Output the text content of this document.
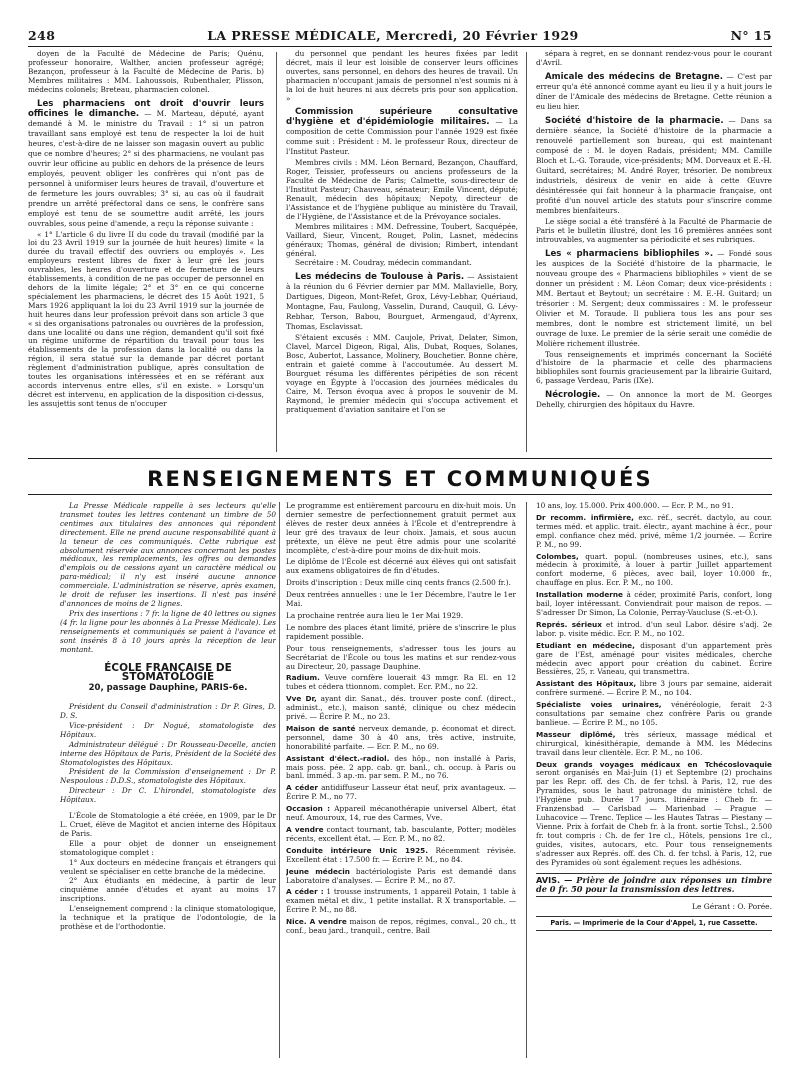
248	LA PRESSE MÉDICALE, Mercredi, 20 Février 1929	N° 15

doyen de la Faculté de Médecine de Paris; Quénu, professeur honoraire, Walther, ancien professeur agrégé; Bezançon, professeur à la Faculté de Médecine de Paris. b) Membres militaires : MM. Lahoussois, Rubenthaler, Plisson, médecins colonels; Breteau, pharmacien colonel.

Les pharmaciens ont droit d'ouvrir leurs officines le dimanche. — M. Marteau, député, ayant demandé à M. le ministre du Travail : 1° si un patron travaillant sans employé est tenu de respecter la loi de huit heures, c'est-à-dire de ne laisser son magasin ouvert au public que ce nombre d'heures; 2° si des pharmaciens, ne voulant pas ouvrir leur officine au public en dehors de la présence de leurs employés, peuvent obliger les confrères qui n'ont pas de personnel à uniformiser leurs heures de travail, d'ouverture et de fermeture les jours ouvrables; 3° si, au cas où il faudrait prendre un arrêté préfectoral dans ce sens, le confrère sans employé est tenu de se soumettre audit arrêté, les jours ouvrables, sous peine d'amende, a reçu la réponse suivante :

« 1° L'article 6 du livre II du code du travail (modifié par la loi du 23 Avril 1919 sur la journée de huit heures) limite « la durée du travail effectif des ouvriers ou employés ». Les employeurs restent libres de fixer à leur gré les jours ouvrables, les heures d'ouverture et de fermeture de leurs établissements, à condition de ne pas occuper de personnel en dehors de la limite légale; 2° et 3° en ce qui concerne spécialement les pharmaciens, le décret des 15 Août 1921, 5 Mars 1926 appliquant la loi du 23 Avril 1919 sur la journée de huit heures dans leur profession prévoit dans son article 3 que « si des organisations patronales ou ouvrières de la profession, dans une localité ou dans une région, demandent qu'il soit fixé un régime uniforme de répartition du travail pour tous les établissements de la profession dans la localité ou dans la région, il sera statué sur la demande par décret portant règlement d'administration publique, après consultation de toutes les organisations intéressées et en se référant aux accords intervenus entre elles, s'il en existe. » Lorsqu'un décret est intervenu, en application de la disposition ci-dessus, les assujettis sont tenus de n'occuper

du personnel que pendant les heures fixées par ledit décret, mais il leur est loisible de conserver leurs officines ouvertes, sans personnel, en dehors des heures de travail. Un pharmacien n'occupant jamais de personnel n'est soumis ni à la loi de huit heures ni aux décrets pris pour son application. »

Commission supérieure consultative d'hygiène et d'épidémiologie militaires. — La composition de cette Commission pour l'année 1929 est fixée comme suit : Président : M. le professeur Roux, directeur de l'Institut Pasteur.

Membres civils : MM. Léon Bernard, Bezançon, Chauffard, Roger, Teissier, professeurs ou anciens professeurs de la Faculté de Médecine de Paris; Calmette, sous-directeur de l'Institut Pasteur; Chauveau, sénateur; Emile Vincent, député; Renault, médecin des hôpitaux; Nepoty, directeur de l'Assistance et de l'hygiène publique au ministère du Travail, de l'Hygiène, de l'Assistance et de la Prévoyance sociales.

Membres militaires : MM. Defressine, Toubert, Sacquépée, Vaillard, Sieur, Vincent, Rouget, Polin, Lasnet, médecins généraux; Thomas, général de division; Rimbert, intendant général.

Secrétaire : M. Coudray, médecin commandant.

Les médecins de Toulouse à Paris. — Assistaient à la réunion du 6 Février dernier par MM. Mallavielle, Bory, Dartigues, Digeon, Mont-Refet, Grox, Lévy-Lebhar, Quériaud, Montagne, Fau, Faulong, Vasselin, Durand, Cauquil, G. Lévy-Rebhar, Terson, Babou, Bourguet, Armengaud, d'Ayrenx, Thomas, Esclavissat.

S'étaient excusés : MM. Caujole, Privat, Delater, Simon, Clavel, Marcel Digeon, Rigal, Alis, Dubat, Roques, Solanes, Bosc, Aubertot, Lassance, Molinery, Bouchetier. Bonne chère, entrain et gaieté comme à l'accoutumée. Au dessert M. Bourguet résuma les différentes péripéties de son récent voyage en Égypte à l'occasion des journées médicales du Caire, M. Terson évoqua avec à propos le souvenir de M. Raymond, le premier médecin qui s'occupa activement et pratiquement d'aviation sanitaire et l'on se

sépara à regret, en se donnant rendez-vous pour le courant d'Avril.

Amicale des médecins de Bretagne. — C'est par erreur qu'a été annoncé comme ayant eu lieu il y a huit jours le dîner de l'Amicale des médecins de Bretagne. Cette réunion a eu lieu hier.
Société d'histoire de la pharmacie. — Dans sa dernière séance, la Société d'histoire de la pharmacie a renouvelé partiellement son bureau, qui est maintenant composé de : M. le doyen Radais, président; MM. Camille Bloch et L.-G. Toraude, vice-présidents; MM. Dorveaux et E.-H. Guitard, secrétaires; M. André Royer, trésorier. De nombreux industriels, désireux de venir en aide à cette Œuvre désintéressée qui fait honneur à la pharmacie française, ont profité d'un nouvel article des statuts pour s'inscrire comme membres bienfaiteurs.

Le siège social a été transféré à la Faculté de Pharmacie de Paris et le bulletin illustré, dont les 16 premières années sont introuvables, va augmenter sa périodicité et ses rubriques.

Les « pharmaciens bibliophiles ». — Fondé sous les auspices de la Société d'histoire de la pharmacie, le nouveau groupe des « Pharmaciens bibliophiles » vient de se donner un président : M. Léon Comar; deux vice-présidents : MM. Bertaut et Beytout; un secrétaire : M. E.-H. Guitard; un trésorier : M. Sergent; deux commissaires : M. le professeur Olivier et M. Toraude. Il publiera tous les ans pour ses membres, dont le nombre est strictement limité, un bel ouvrage de luxe. Le premier de la série serait une comédie de Molière richement illustrée.

Tous renseignements et imprimés concernant la Société d'histoire de la pharmacie et celle des pharmaciens bibliophiles sont fournis gracieusement par la librairie Guitard, 6, passage Verdeau, Paris (IXe).

Nécrologie. — On annonce la mort de M. Georges Dehelly, chirurgien des hôpitaux du Havre.
RENSEIGNEMENTS ET COMMUNIQUÉS

La Presse Médicale rappelle à ses lecteurs qu'elle transmet toutes les lettres contenant un timbre de 50 centimes aux titulaires des annonces qui répondent directement. Elle ne prend aucune responsabilité quant à la teneur de ces communiqués. Cette rubrique est absolument réservée aux annonces concernant les postes médicaux, les remplacements, les offres ou demandes d'emplois ou de cessions ayant un caractère médical ou para-médical; il n'y est inséré aucune annonce commerciale. L'administration se réserve, après examen, le droit de refuser les insertions. Il n'est pas inséré d'annonces de moins de 2 lignes.

Prix des insertions : 7 fr. la ligne de 40 lettres ou signes (4 fr. la ligne pour les abonnés à La Presse Médicale). Les renseignements et communiqués se paient à l'avance et sont insérés 8 à 10 jours après la réception de leur montant.

ÉCOLE FRANÇAISE DE STOMATOLOGIE
20, passage Dauphine, PARIS-6e.

Président du Conseil d'administration : Dr P. Gires, D. D. S.

Vice-président : Dr Nogué, stomatologiste des Hôpitaux.

Administrateur délégué : Dr Rousseau-Decelle, ancien interne des Hôpitaux de Paris, Président de la Société des Stomatologistes des Hôpitaux.

Président de la Commission d'enseignement : Dr P. Nespoulous : D.D.S., stomatologiste des Hôpitaux.

Directeur : Dr C. L'hirondel, stomatologiste des Hôpitaux.

L'École de Stomatologie a été créée, en 1909, par le Dr L. Cruet, élève de Magitot et ancien interne des Hôpitaux de Paris.

Elle a pour objet de donner un enseignement stomatologique complet :

1° Aux docteurs en médecine français et étrangers qui veulent se spécialiser en cette branche de la médecine.

2° Aux étudiants en médecine, à partir de leur cinquième année d'études et ayant au moins 17 inscriptions.

L'enseignement comprend : la clinique stomatologique, la technique et la pratique de l'odontologie, de la prothèse et de l'orthodontie.

Le programme est entièrement parcouru en dix-huit mois. Un dernier semestre de perfectionnement gratuit permet aux élèves de rester deux années à l'École et d'entreprendre à leur gré des travaux de leur choix. Jamais, et sous aucun prétexte, un élève ne peut être admis pour une scolarité incomplète, c'est-à-dire pour moins de dix-huit mois.

Le diplôme de l'École est décerné aux élèves qui ont satisfait aux examens obligatoires de fin d'études.

Droits d'inscription : Deux mille cinq cents francs (2.500 fr.).

Deux rentrées annuelles : une le 1er Décembre, l'autre le 1er Mai.

La prochaine rentrée aura lieu le 1er Mai 1929.

Le nombre des places étant limité, prière de s'inscrire le plus rapidement possible.

Pour tous renseignements, s'adresser tous les jours au Secrétariat de l'École ou tous les matins et sur rendez-vous au Directeur, 20, passage Dauphine.

Radium. Veuve cornfère louerait 43 mmgr. Ra El. en 12 tubes et cédera ttionnom. complet. Ecr. P.M., no 22.

Vve Dr, ayant dir. Sanat., dés. trouver poste conf. (direct., administ., etc.), maison santé, clinique ou chez médecin privé. — Écrire P. M., no 23.

Maison de santé nerveux demande, p. économat et direct. personnel, dame 30 à 40 ans, très active, instruite, honorabilité parfaite. — Ecr. P. M., no 69.

Assistant d'élect.-radiol. des hôp., non installé à Paris, mais poss. pée. 2 app. cab. gr. banl., ch. occup. à Paris ou banl. imméd. 3 ap.-m. par sem. P. M., no 76.

A céder antidiffuseur Lasseur état neuf, prix avantageux. — Écrire P. M., no 77.

Occasion : Appareil mécanothérapie universel Albert, état neuf. Amouroux, 14, rue des Carmes, Vve.

A vendre contact tournant, tab. basculante, Potter; modèles récents, excellent état. — Ecr. P. M., no 82.

Conduite intérieure Unic 1925. Récemment révisée. Excellent état : 17.500 fr. — Écrire P. M., no 84.

Jeune médecin bactériologiste Paris est demandé dans Laboratoire d'analyses. — Écrire P. M., no 87.

A céder : 1 trousse instruments, 1 appareil Potain, 1 table à examen métal et div., 1 petite installat. R X transportable. — Écrire P. M., no 88.

Nice. A vendre maison de repos, régimes, conval., 20 ch., tt conf., beau jard., tranquil., centre. Bail

10 ans, loy. 15.000. Prix 400.000. — Ecr. P. M., no 91.

Dr recomm. infirmière, exc. réf., secrét. dactylo, au cour. termes méd. et applic. trait. électr., ayant machine à écr., pour empl. confiance chez méd. privé, même 1/2 journée. — Écrire P. M., no 99.

Colombes, quart. popul. (nombreuses usines, etc.), sans médecin à proximité, à louer à partir Juillet appartement confort moderne, 6 pièces, avec bail, loyer 10.000 fr., chauffage en plus. Ecr. P. M., no 100.

Installation moderne à céder, proximité Paris, confort, long bail, loyer intéressant. Conviendrait pour maison de repos. — S'adresser Dr Simon, La Colonie, Perray-Vaucluse (S.-et-O.).

Représ. sérieux et introd. d'un seul Labor. désire s'adj. 2e labor. p. visite médic. Ecr. P. M., no 102.

Etudiant en médecine, disposant d'un appartement près gare de l'Est, aménagé pour visites médicales, cherche médecin avec apport pour création du cabinet. Écrire Bessières, 25, r. Vaneau, qui transmettra.

Assistant des Hôpitaux, libre 3 jours par semaine, aiderait confrère surmené. — Écrire P. M., no 104.

Spécialiste voies urinaires, vénéréologie, ferait 2-3 consultations par semaine chez confrère Paris ou grande banlieue. — Écrire P. M., no 105.

Masseur diplômé, très sérieux, massage médical et chirurgical, kinésithérapie, demande à MM. les Médecins travail dans leur clientèle. Ecr. P. M., no 106.

Deux grands voyages médicaux en Tchécoslovaquie seront organisés en Mai-Juin (1) et Septembre (2) prochains par les Repr. off. des Ch. de fer tchsl. à Paris, 12, rue des Pyramides, sous le haut patronage du ministère tchsl. de l'Hygiène pub. Durée 17 jours. Itinéraire : Cheb fr. — Franzensbad — Carlsbad — Marienbad — Prague — Luhacovice — Trenc. Teplice — les Hautes Tatras — Piestany — Vienne. Prix à forfait de Cheb fr. à la front. sortie Tchsl., 2.500 fr. tout compris : Ch. de fer 1re cl., Hôtels, pensions 1re cl., guides, visites, autocars, etc. Pour tous renseignements s'adresser aux Représ. off. des Ch. d. fer tchsl. à Paris, 12, rue des Pyramides où sont également reçues les adhésions.

AVIS. — Prière de joindre aux réponses un timbre de 0 fr. 50 pour la transmission des lettres.
Le Gérant : O. Porée.
Paris. — Imprimerie de la Cour d'Appel, 1, rue Cassette.
